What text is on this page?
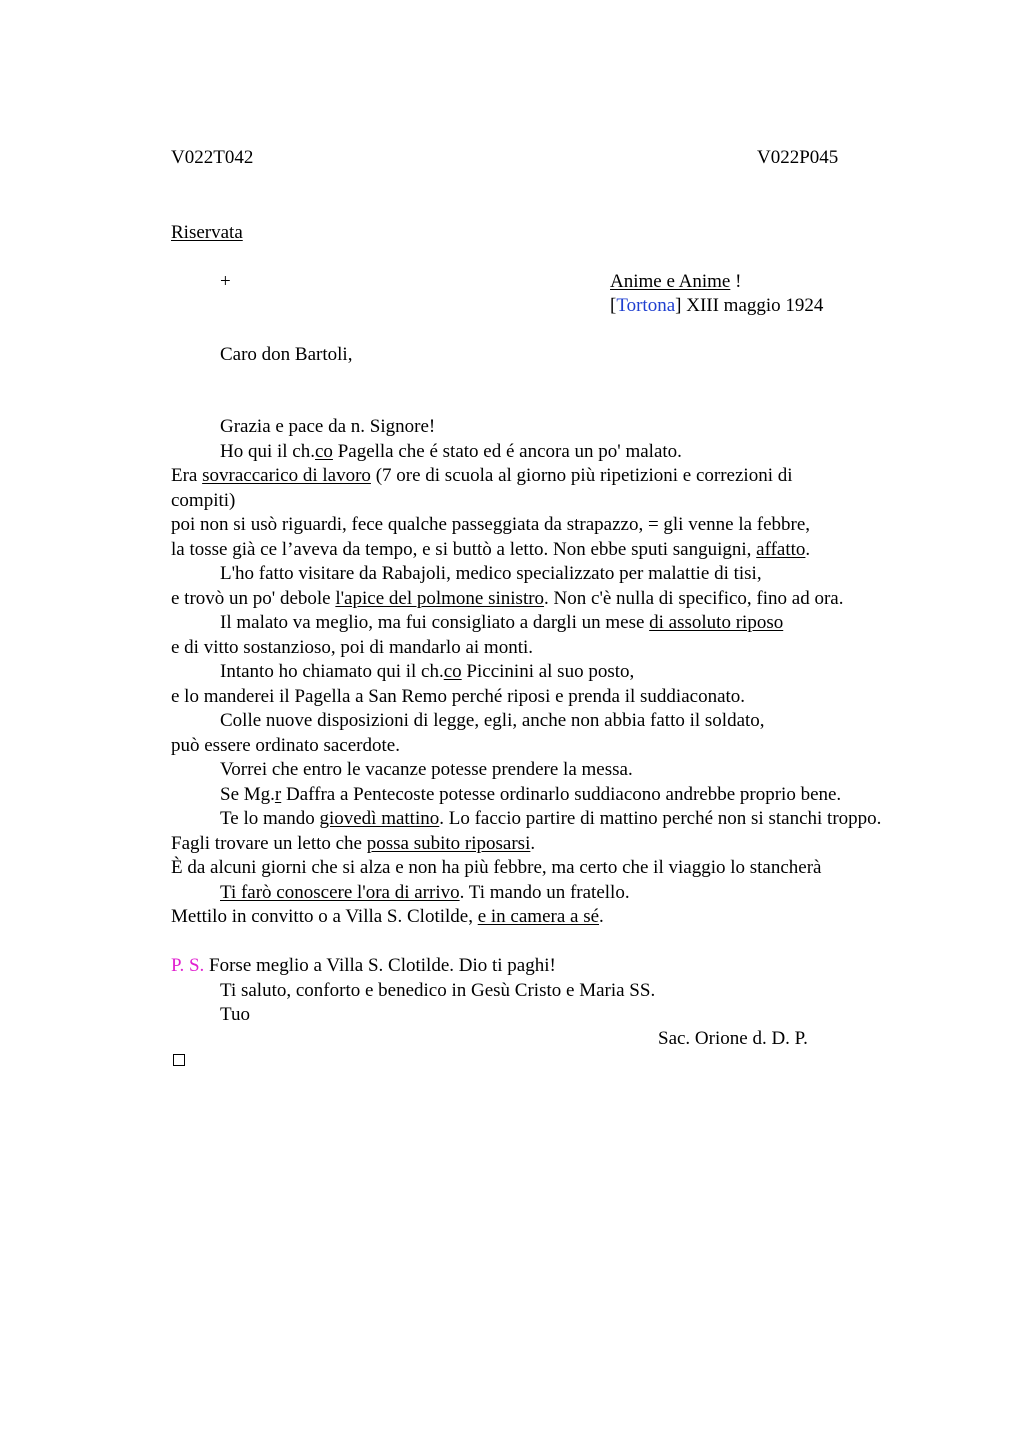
V022T042	V022P045
Riservata
+	Anime e Anime !
[Tortona] XIII maggio 1924
Caro don Bartoli,
Grazia e pace da n. Signore!
Ho qui il ch.co Pagella che é stato ed é ancora un po' malato.
Era sovraccarico di lavoro (7 ore di scuola al giorno più ripetizioni e correzioni di
compiti)
poi non si usò riguardi, fece qualche passeggiata da strapazzo, = gli venne la febbre,
la tosse già ce l’aveva da tempo, e si buttò a letto. Non ebbe sputi sanguigni, affatto.
L'ho fatto visitare da Rabajoli, medico specializzato per malattie di tisi,
e trovò un po' debole l'apice del polmone sinistro. Non c'è nulla di specifico, fino ad ora.
Il malato va meglio, ma fui consigliato a dargli un mese di assoluto riposo
e di vitto sostanzioso, poi di mandarlo ai monti.
Intanto ho chiamato qui il ch.co Piccinini al suo posto,
e lo manderei il Pagella a San Remo perché riposi e prenda il suddiaconato.
Colle nuove disposizioni di legge, egli, anche non abbia fatto il soldato,
può essere ordinato sacerdote.
Vorrei che entro le vacanze potesse prendere la messa.
Se Mg.r Daffra a Pentecoste potesse ordinarlo suddiacono andrebbe proprio bene.
Te lo mando giovedì mattino. Lo faccio partire di mattino perché non si stanchi troppo.
Fagli trovare un letto che possa subito riposarsi.
È da alcuni giorni che si alza e non ha più febbre, ma certo che il viaggio lo stancherà
Ti farò conoscere l'ora di arrivo. Ti mando un fratello.
Mettilo in convitto o a Villa S. Clotilde, e in camera a sé.
P. S. Forse meglio a Villa S. Clotilde. Dio ti paghi!
Ti saluto, conforto e benedico in Gesù Cristo e Maria SS.
Tuo
Sac. Orione d. D. P.
